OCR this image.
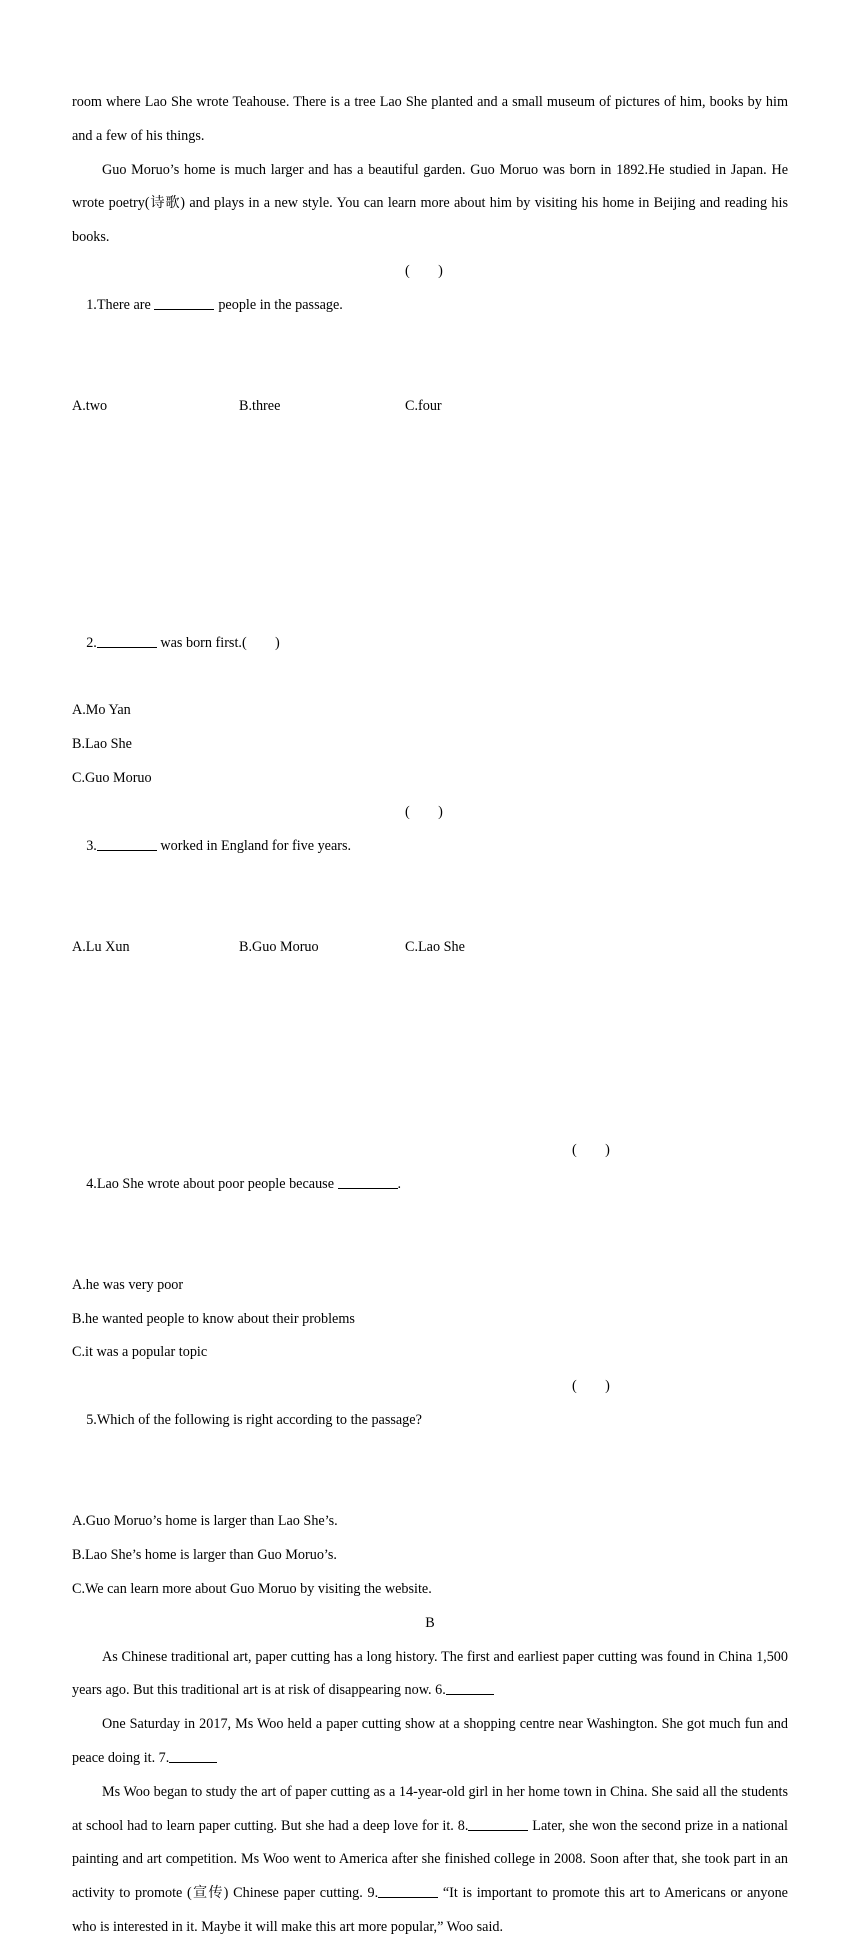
room where Lao She wrote Teahouse. There is a tree Lao She planted and a small museum of pictures of him, books by him and a few of his things.

Guo Moruo’s home is much larger and has a beautiful garden. Guo Moruo was born in 1892.He studied in Japan. He wrote poetry(诗歌) and plays in a new style. You can learn more about him by visiting his home in Beijing and reading his books.

1.There are	people in the passage.

(        )

A.two

	B.three

	C.four

2.	was born first.(        )

A.Mo Yan
B.Lao She
C.Guo Moruo

3.	worked in England for five years.

(        )

A.Lu Xun

	B.Guo Moruo

	C.Lao She

4.Lao She wrote about poor people because	.

(        )

A.he was very poor
B.he wanted people to know about their problems
C.it was a popular topic

5.Which of the following is right according to the passage?

(        )

A.Guo Moruo’s home is larger than Lao She’s.
B.Lao She’s home is larger than Guo Moruo’s.
C.We can learn more about Guo Moruo by visiting the website.

B

As Chinese traditional art, paper cutting has a long history. The first and earliest paper cutting was found in China 1,500 years ago. But this traditional art is at risk of disappearing now. 6.

One Saturday in 2017, Ms Woo held a paper cutting show at a shopping centre near Washington. She got much fun and peace doing it. 7.

Ms Woo began to study the art of paper cutting as a 14-year-old girl in her home town in China. She said all the students at school had to learn paper cutting. But she had a deep love for it. 8.	Later, she won the second prize in a national painting and art competition. Ms Woo went to America after she finished college in 2008. Soon after that, she took part in an activity to promote (宣传) Chinese paper cutting. 9.	“It is important to promote this art to Americans or anyone who is interested in it. Maybe it will make this art more popular,” Woo said.
